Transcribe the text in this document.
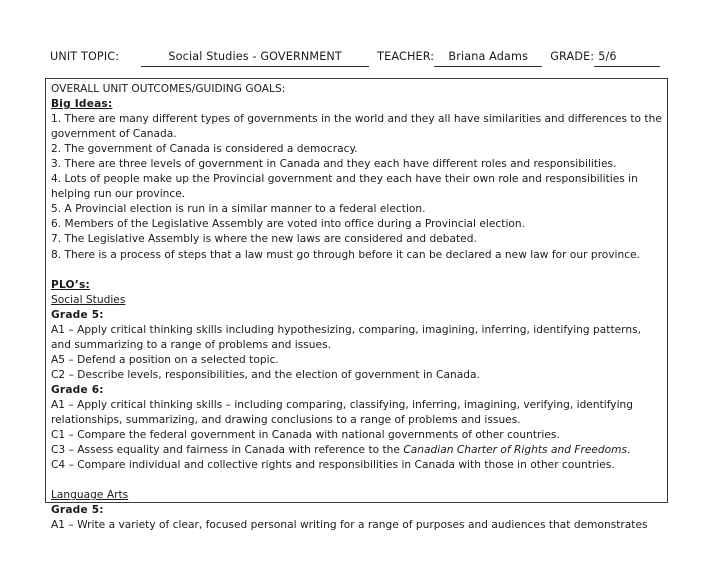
UNIT TOPIC:	Social Studies - GOVERNMENT	TEACHER: Briana Adams GRADE: 5/6
OVERALL UNIT OUTCOMES/GUIDING GOALS:
Big Ideas:
1. There are many different types of governments in the world and they all have similarities and differences to the government of Canada.
2. The government of Canada is considered a democracy.
3. There are three levels of government in Canada and they each have different roles and responsibilities.
4. Lots of people make up the Provincial government and they each have their own role and responsibilities in helping run our province.
5. A Provincial election is run in a similar manner to a federal election.
6. Members of the Legislative Assembly are voted into office during a Provincial election.
7. The Legislative Assembly is where the new laws are considered and debated.
8. There is a process of steps that a law must go through before it can be declared a new law for our province.
PLO’s:
Social Studies
Grade 5:
A1 – Apply critical thinking skills including hypothesizing, comparing, imagining, inferring, identifying patterns, and summarizing to a range of problems and issues.
A5 – Defend a position on a selected topic.
C2 – Describe levels, responsibilities, and the election of government in Canada.
Grade 6:
A1 – Apply critical thinking skills – including comparing, classifying, inferring, imagining, verifying, identifying relationships, summarizing, and drawing conclusions to a range of problems and issues.
C1 – Compare the federal government in Canada with national governments of other countries.
C3 – Assess equality and fairness in Canada with reference to the Canadian Charter of Rights and Freedoms.
C4 – Compare individual and collective rights and responsibilities in Canada with those in other countries.
Language Arts
Grade 5:
A1 – Write a variety of clear, focused personal writing for a range of purposes and audiences that demonstrates
